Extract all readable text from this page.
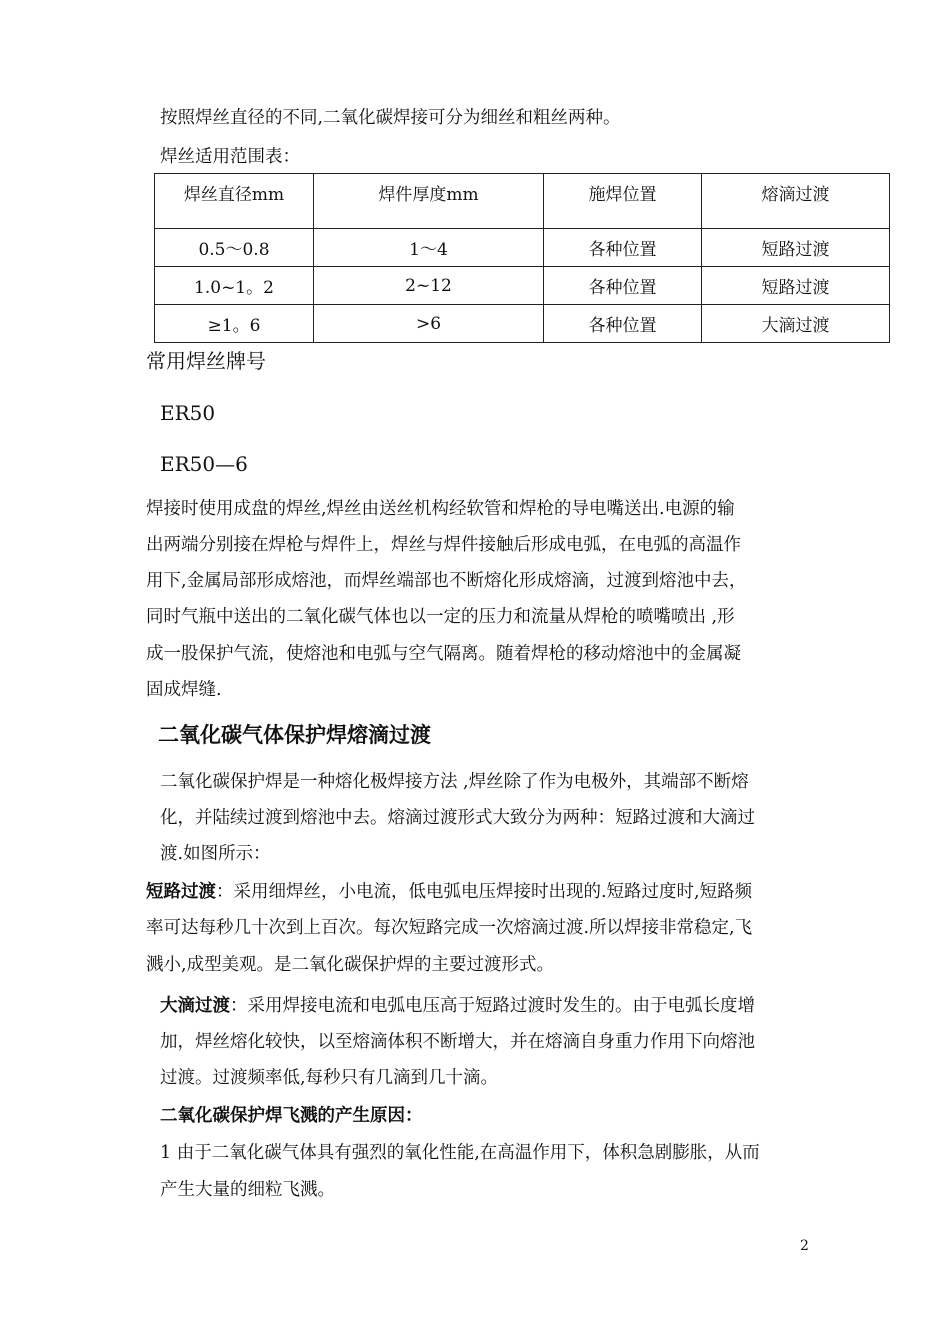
按照焊丝直径的不同,二氧化碳焊接可分为细丝和粗丝两种。
焊丝适用范围表：
焊丝直径mm	焊件厚度mm	施焊位置	熔滴过渡
0.5～0.8	1～4	各种位置	短路过渡
1.0~1。2	2~12	各种位置	短路过渡
≥1。6	>6	各种位置	大滴过渡
常用焊丝牌号
ER50
ER50—6
焊接时使用成盘的焊丝,焊丝由送丝机构经软管和焊枪的导电嘴送出.电源的输
出两端分别接在焊枪与焊件上，焊丝与焊件接触后形成电弧，在电弧的高温作
用下,金属局部形成熔池，而焊丝端部也不断熔化形成熔滴，过渡到熔池中去，
同时气瓶中送出的二氧化碳气体也以一定的压力和流量从焊枪的喷嘴喷出 ,形
成一股保护气流，使熔池和电弧与空气隔离。随着焊枪的移动熔池中的金属凝
固成焊缝.
二氧化碳气体保护焊熔滴过渡
二氧化碳保护焊是一种熔化极焊接方法 ,焊丝除了作为电极外，其端部不断熔
化，并陆续过渡到熔池中去。熔滴过渡形式大致分为两种：短路过渡和大滴过
渡.如图所示：
短路过渡：采用细焊丝，小电流，低电弧电压焊接时出现的.短路过度时,短路频
率可达每秒几十次到上百次。每次短路完成一次熔滴过渡.所以焊接非常稳定,飞
溅小,成型美观。是二氧化碳保护焊的主要过渡形式。
大滴过渡：采用焊接电流和电弧电压高于短路过渡时发生的。由于电弧长度增
加，焊丝熔化较快，以至熔滴体积不断增大，并在熔滴自身重力作用下向熔池
过渡。过渡频率低,每秒只有几滴到几十滴。
二氧化碳保护焊飞溅的产生原因：
1 由于二氧化碳气体具有强烈的氧化性能,在高温作用下，体积急剧膨胀，从而
产生大量的细粒飞溅。
2
